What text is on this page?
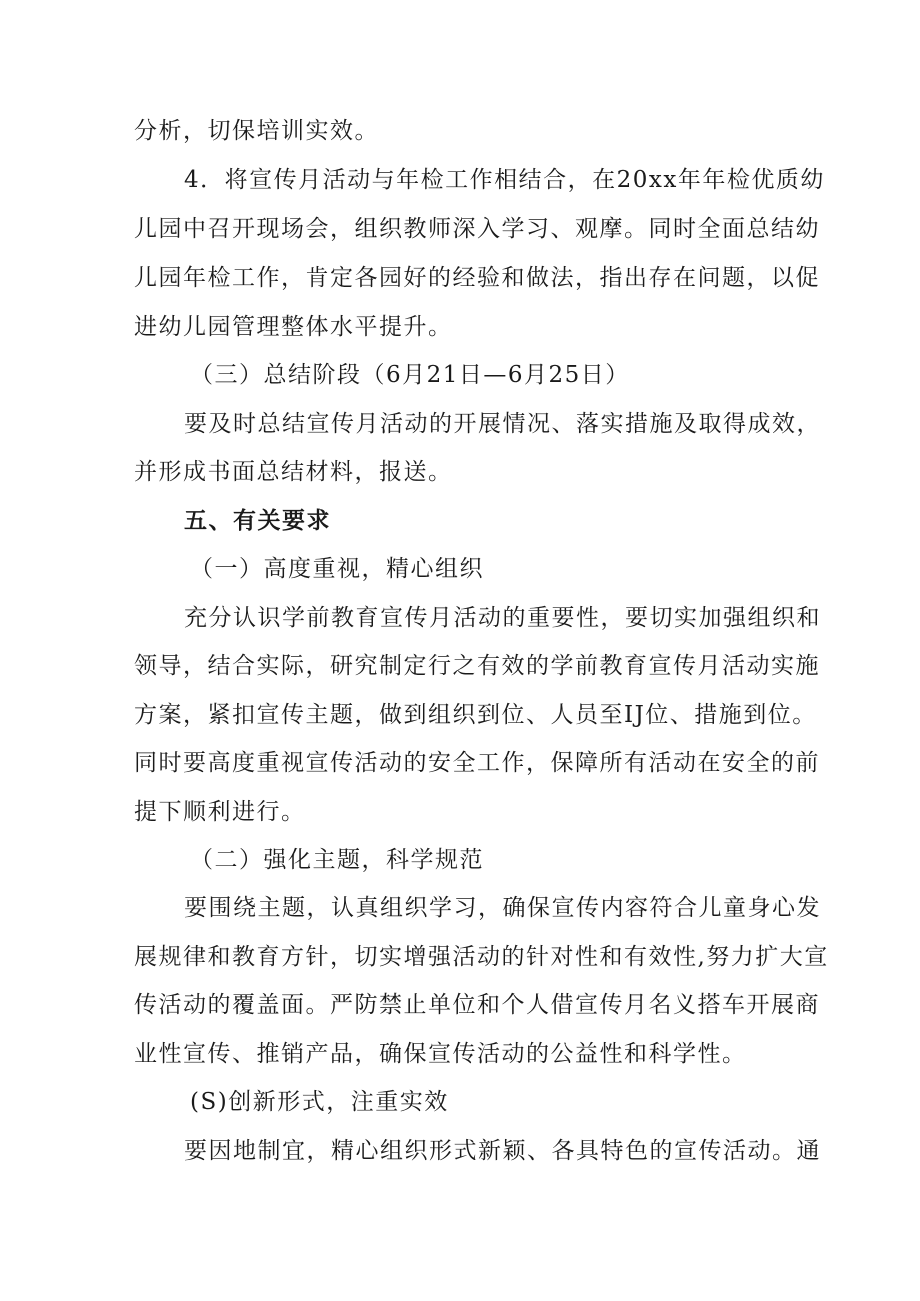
分析，切保培训实效。
4．将宣传月活动与年检工作相结合，在20xx年年检优质幼
儿园中召开现场会，组织教师深入学习、观摩。同时全面总结幼
儿园年检工作，肯定各园好的经验和做法，指出存在问题，以促
进幼儿园管理整体水平提升。
（三）总结阶段（6月21日—6月25日）
要及时总结宣传月活动的开展情况、落实措施及取得成效，
并形成书面总结材料，报送。
五、有关要求
（一）高度重视，精心组织
充分认识学前教育宣传月活动的重要性，要切实加强组织和
领导，结合实际，研究制定行之有效的学前教育宣传月活动实施
方案，紧扣宣传主题，做到组织到位、人员至IJ位、措施到位。
同时要高度重视宣传活动的安全工作，保障所有活动在安全的前
提下顺利进行。
（二）强化主题，科学规范
要围绕主题，认真组织学习，确保宣传内容符合儿童身心发
展规律和教育方针，切实增强活动的针对性和有效性,努力扩大宣
传活动的覆盖面。严防禁止单位和个人借宣传月名义搭车开展商
业性宣传、推销产品，确保宣传活动的公益性和科学性。
(S)创新形式，注重实效
要因地制宜，精心组织形式新颖、各具特色的宣传活动。通
